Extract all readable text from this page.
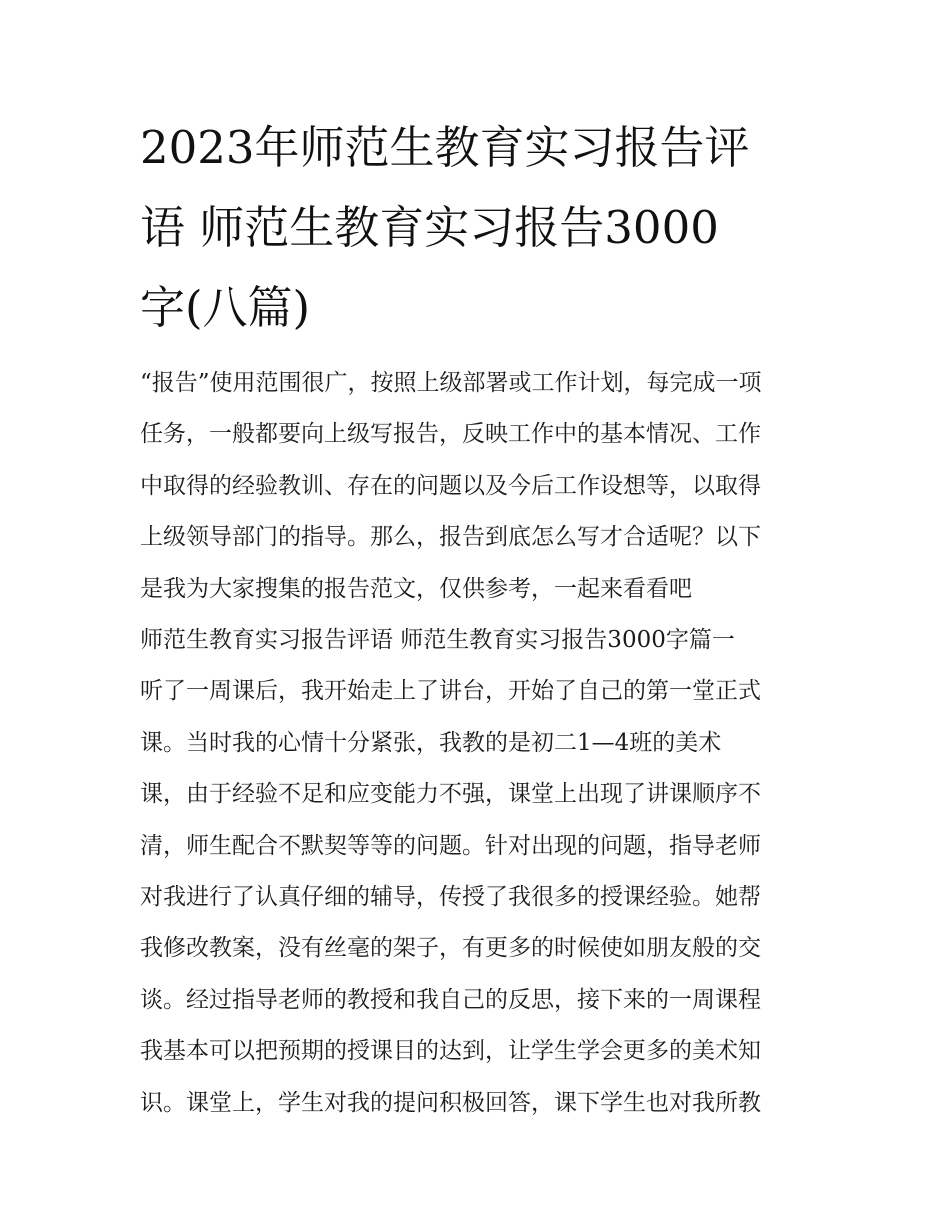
2023年师范生教育实习报告评
语 师范生教育实习报告3000
字(八篇)

“报告”使用范围很广，按照上级部署或工作计划，每完成一项
任务，一般都要向上级写报告，反映工作中的基本情况、工作
中取得的经验教训、存在的问题以及今后工作设想等，以取得
上级领导部门的指导。那么，报告到底怎么写才合适呢？以下
是我为大家搜集的报告范文，仅供参考，一起来看看吧

师范生教育实习报告评语 师范生教育实习报告3000字篇一

听了一周课后，我开始走上了讲台，开始了自己的第一堂正式
课。当时我的心情十分紧张，我教的是初二1—4班的美术
课，由于经验不足和应变能力不强，课堂上出现了讲课顺序不
清，师生配合不默契等等的问题。针对出现的问题，指导老师
对我进行了认真仔细的辅导，传授了我很多的授课经验。她帮
我修改教案，没有丝毫的架子，有更多的时候使如朋友般的交
谈。经过指导老师的教授和我自己的反思，接下来的一周课程
我基本可以把预期的授课目的达到，让学生学会更多的美术知
识。课堂上，学生对我的提问积极回答，课下学生也对我所教
